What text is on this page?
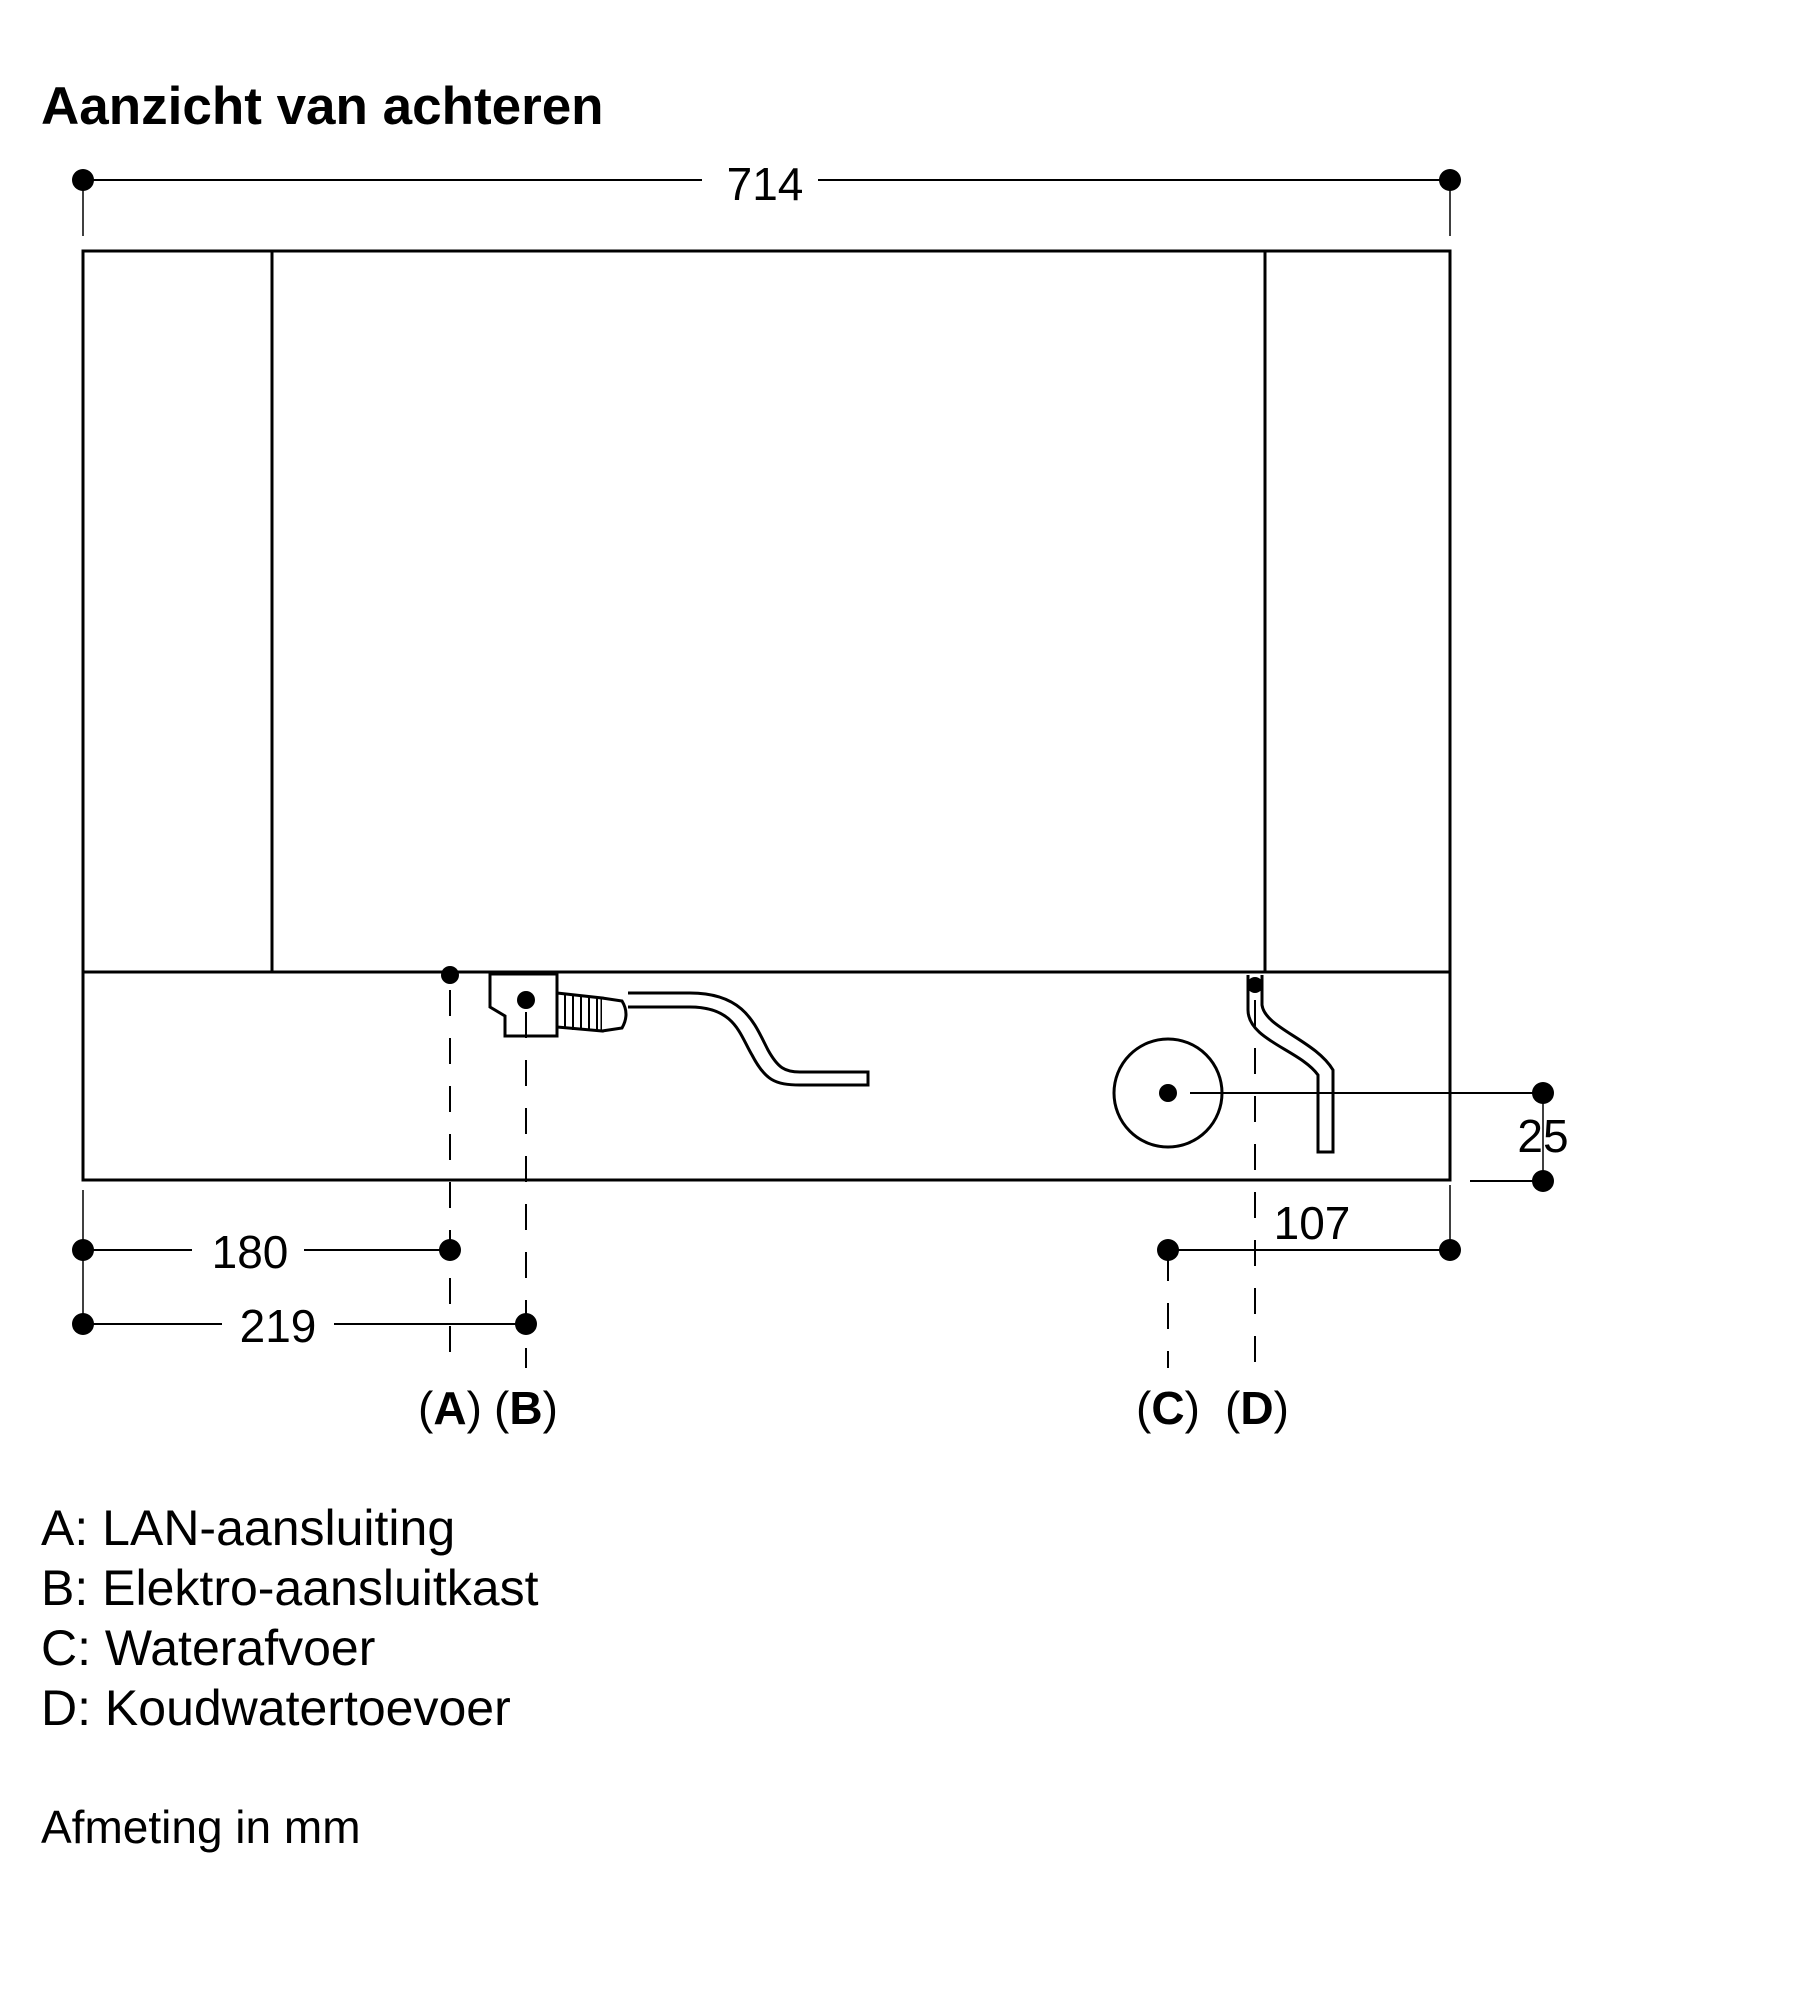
Aanzicht van achteren
714
180
219
107
25
(A) (B)	(C) (D)
A: LAN-aansluiting
B: Elektro-aansluitkast
C: Waterafvoer
D: Koudwatertoevoer
Afmeting in mm
